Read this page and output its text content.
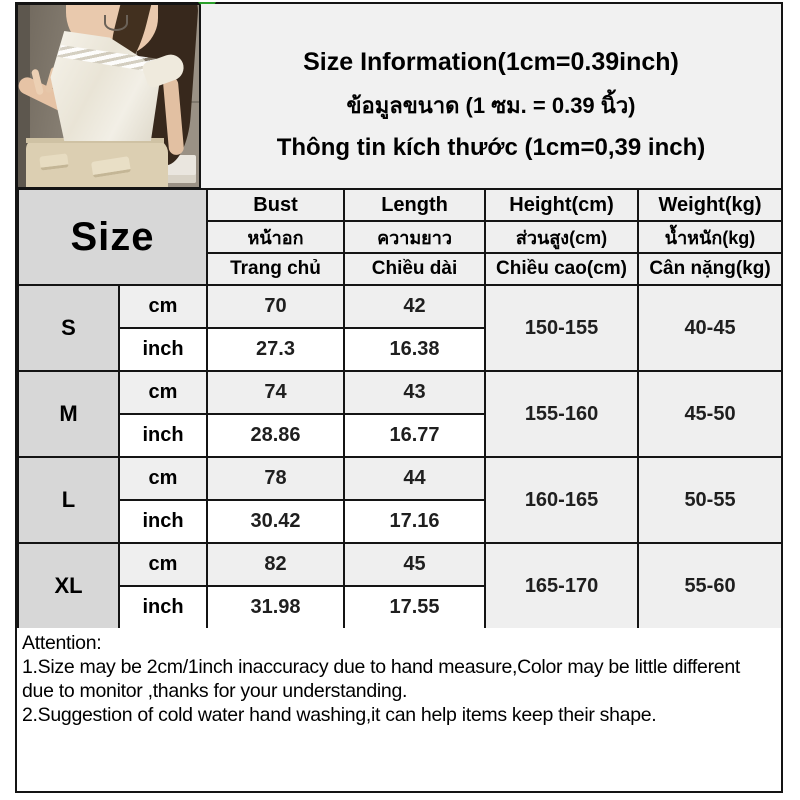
Size Information(1cm=0.39inch)
ข้อมูลขนาด (1 ซม. = 0.39 นิ้ว)
Thông tin kích thước (1cm=0,39 inch)
Size		Bust	Length	Height(cm)	Weight(kg)
		หน้าอก	ความยาว	ส่วนสูง(cm)	น้ำหนัก(kg)
		Trang chủ	Chiều dài	Chiều cao(cm)	Cân nặng(kg)
S	cm	70	42	150-155	40-45
	inch	27.3	16.38		
M	cm	74	43	155-160	45-50
	inch	28.86	16.77		
L	cm	78	44	160-165	50-55
	inch	30.42	17.16		
XL	cm	82	45	165-170	55-60
	inch	31.98	17.55		
Attention:
1.Size may be 2cm/1inch inaccuracy due to hand measure,Color may be little different due to monitor ,thanks for your understanding.
2.Suggestion of cold water hand washing,it can help items keep their shape.
